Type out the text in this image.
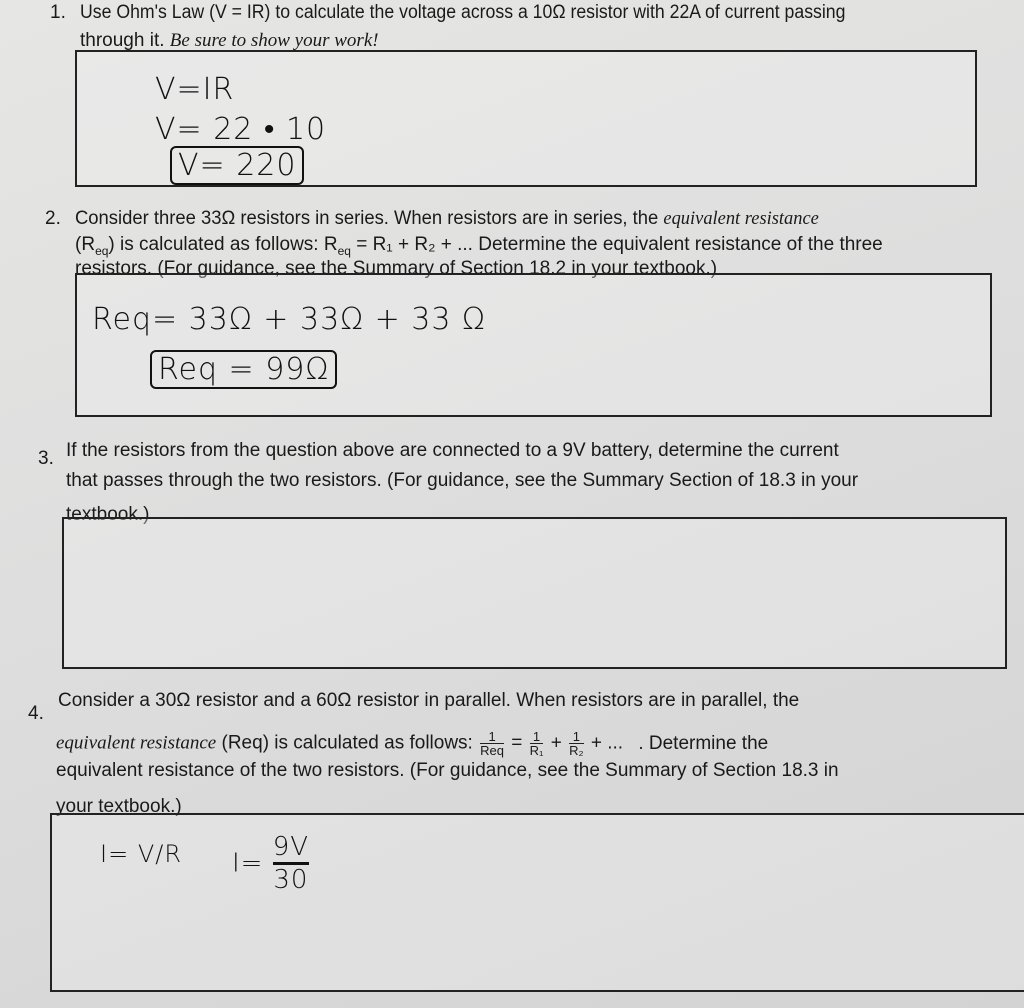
1. Use Ohm's Law (V = IR) to calculate the voltage across a 10Ω resistor with 22A of current passing
through it. Be sure to show your work!
V=IR
V= 22 • 10
V= 220
2. Consider three 33Ω resistors in series. When resistors are in series, the equivalent resistance
$(R_{eq})$ is calculated as follows: $R_{eq} = R_1 + R_2$ + ... Determine the equivalent resistance of the three
resistors. (For guidance, see the Summary of Section 18.2 in your textbook.)
Req= 33Ω + 33Ω + 33 Ω
Req = 99Ω
3. If the resistors from the question above are connected to a 9V battery, determine the current
that passes through the two resistors. (For guidance, see the Summary Section of 18.3 in your
textbook.)
4.
Consider a 30Ω resistor and a 60Ω resistor in parallel. When resistors are in parallel, the
equivalent resistance (Req) is calculated as follows: $\frac{1}{\text{Req}} = \frac{1}{\text{R₁}} + \frac{1}{\text{R₂}}$ + ... . Determine the
equivalent resistance of the two resistors. (For guidance, see the Summary of Section 18.3 in
your textbook.)
I= V/R $I= \frac{9V}{30}$
